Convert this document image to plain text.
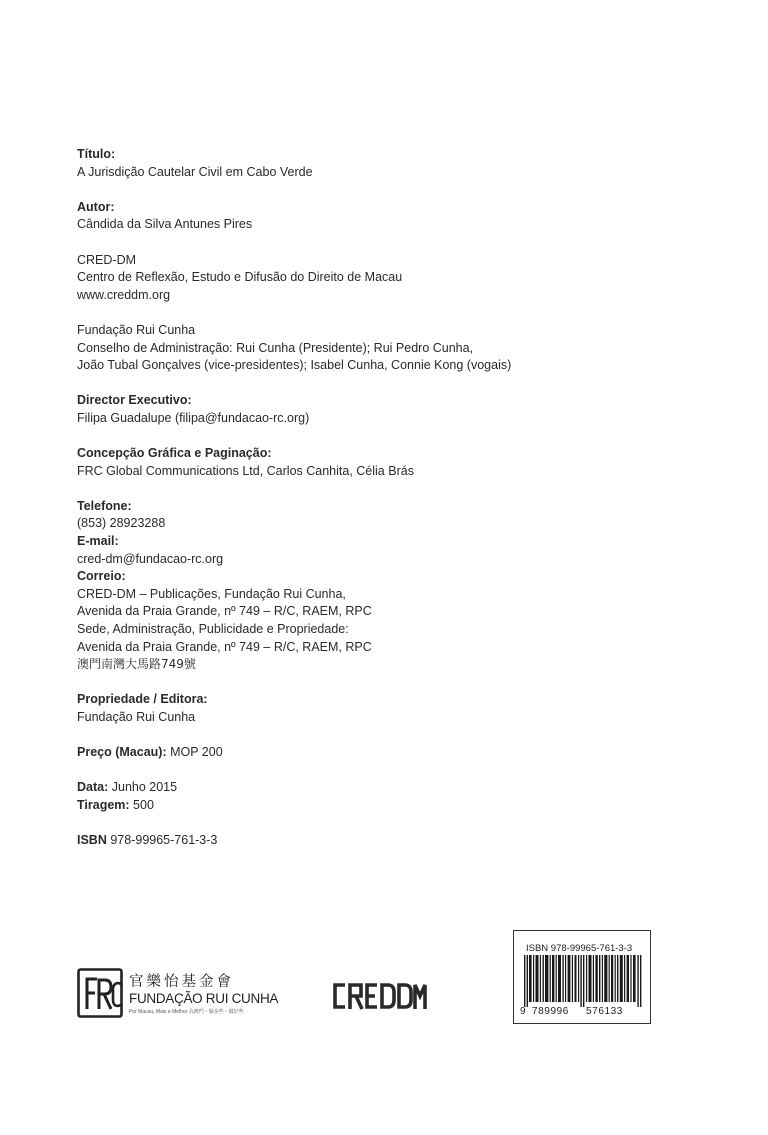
Título:
A Jurisdição Cautelar Civil em Cabo Verde
Autor:
Cândida da Silva Antunes Pires
CRED-DM
Centro de Reflexão, Estudo e Difusão do Direito de Macau
www.creddm.org
Fundação Rui Cunha
Conselho de Administração: Rui Cunha (Presidente); Rui Pedro Cunha,
João Tubal Gonçalves (vice-presidentes); Isabel Cunha, Connie Kong (vogais)
Director Executivo:
Filipa Guadalupe (filipa@fundacao-rc.org)
Concepção Gráfica e Paginação:
FRC Global Communications Ltd, Carlos Canhita, Célia Brás
Telefone:
(853) 28923288
E-mail:
cred-dm@fundacao-rc.org
Correio:
CRED-DM – Publicações, Fundação Rui Cunha,
Avenida da Praia Grande, nº 749 – R/C, RAEM, RPC
Sede, Administração, Publicidade e Propriedade:
Avenida da Praia Grande, nº 749 – R/C, RAEM, RPC
澳門南灣大馬路749號
Propriedade / Editora:
Fundação Rui Cunha
Preço (Macau): MOP 200
Data: Junho 2015
Tiragem: 500
ISBN 978-99965-761-3-3
官樂怡基金會
FUNDAÇÃO RUI CUNHA
Por Macau, Mais e Melhor 為澳門・做多些・做好些
ISBN 978-99965-761-3-3
9 789996 576133
